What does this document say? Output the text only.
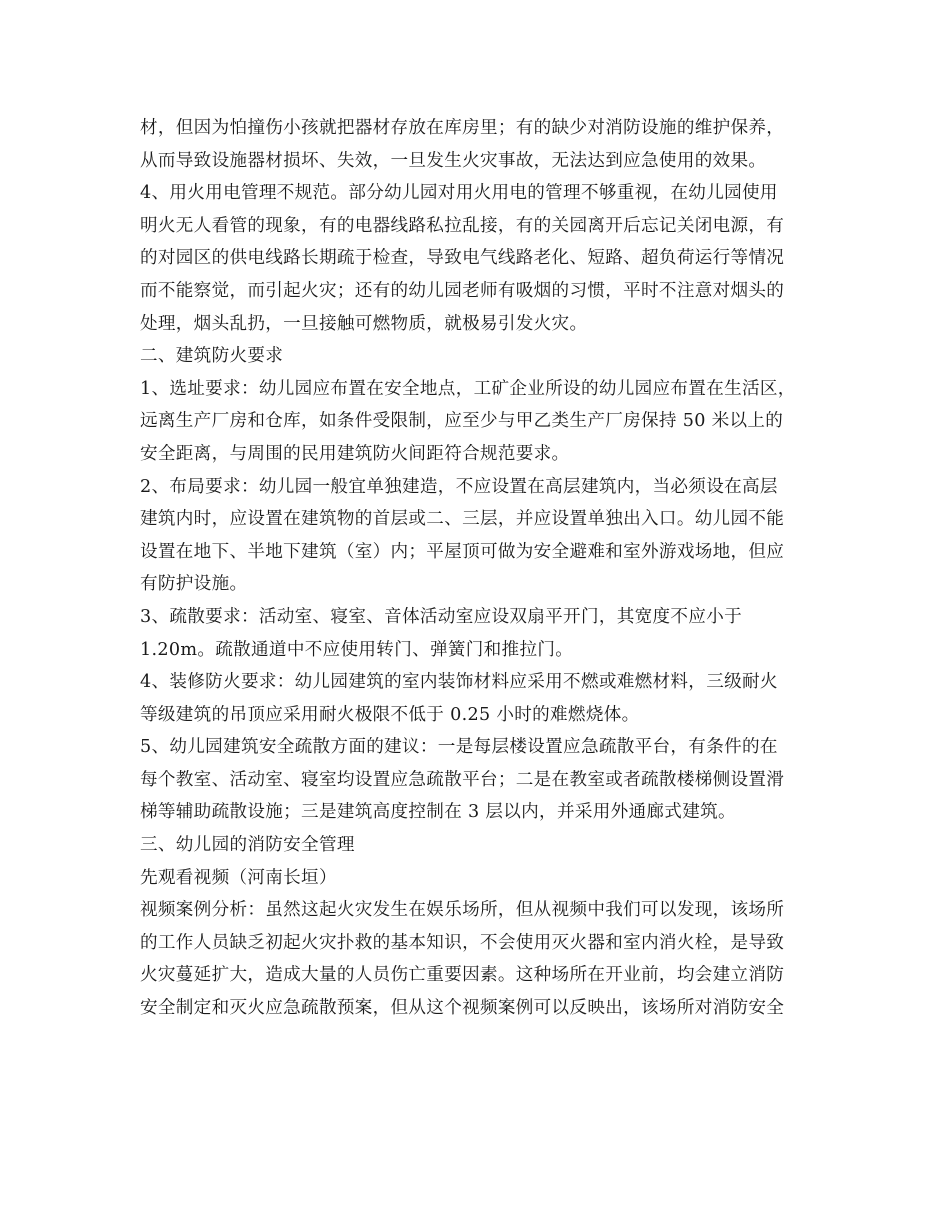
材，但因为怕撞伤小孩就把器材存放在库房里；有的缺少对消防设施的维护保养，
从而导致设施器材损坏、失效，一旦发生火灾事故，无法达到应急使用的效果。
4、用火用电管理不规范。部分幼儿园对用火用电的管理不够重视，在幼儿园使用
明火无人看管的现象，有的电器线路私拉乱接，有的关园离开后忘记关闭电源，有
的对园区的供电线路长期疏于检查，导致电气线路老化、短路、超负荷运行等情况
而不能察觉，而引起火灾；还有的幼儿园老师有吸烟的习惯，平时不注意对烟头的
处理，烟头乱扔，一旦接触可燃物质，就极易引发火灾。
二、建筑防火要求
1、选址要求：幼儿园应布置在安全地点，工矿企业所设的幼儿园应布置在生活区，
远离生产厂房和仓库，如条件受限制，应至少与甲乙类生产厂房保持 50 米以上的
安全距离，与周围的民用建筑防火间距符合规范要求。
2、布局要求：幼儿园一般宜单独建造，不应设置在高层建筑内，当必须设在高层
建筑内时，应设置在建筑物的首层或二、三层，并应设置单独出入口。幼儿园不能
设置在地下、半地下建筑（室）内；平屋顶可做为安全避难和室外游戏场地，但应
有防护设施。
3、疏散要求：活动室、寝室、音体活动室应设双扇平开门，其宽度不应小于
1.20m。疏散通道中不应使用转门、弹簧门和推拉门。
4、装修防火要求：幼儿园建筑的室内装饰材料应采用不燃或难燃材料，三级耐火
等级建筑的吊顶应采用耐火极限不低于 0.25 小时的难燃烧体。
5、幼儿园建筑安全疏散方面的建议：一是每层楼设置应急疏散平台，有条件的在
每个教室、活动室、寝室均设置应急疏散平台；二是在教室或者疏散楼梯侧设置滑
梯等辅助疏散设施；三是建筑高度控制在 3 层以内，并采用外通廊式建筑。
三、幼儿园的消防安全管理
先观看视频（河南长垣）
视频案例分析：虽然这起火灾发生在娱乐场所，但从视频中我们可以发现，该场所
的工作人员缺乏初起火灾扑救的基本知识，不会使用灭火器和室内消火栓，是导致
火灾蔓延扩大，造成大量的人员伤亡重要因素。这种场所在开业前，均会建立消防
安全制定和灭火应急疏散预案，但从这个视频案例可以反映出，该场所对消防安全
